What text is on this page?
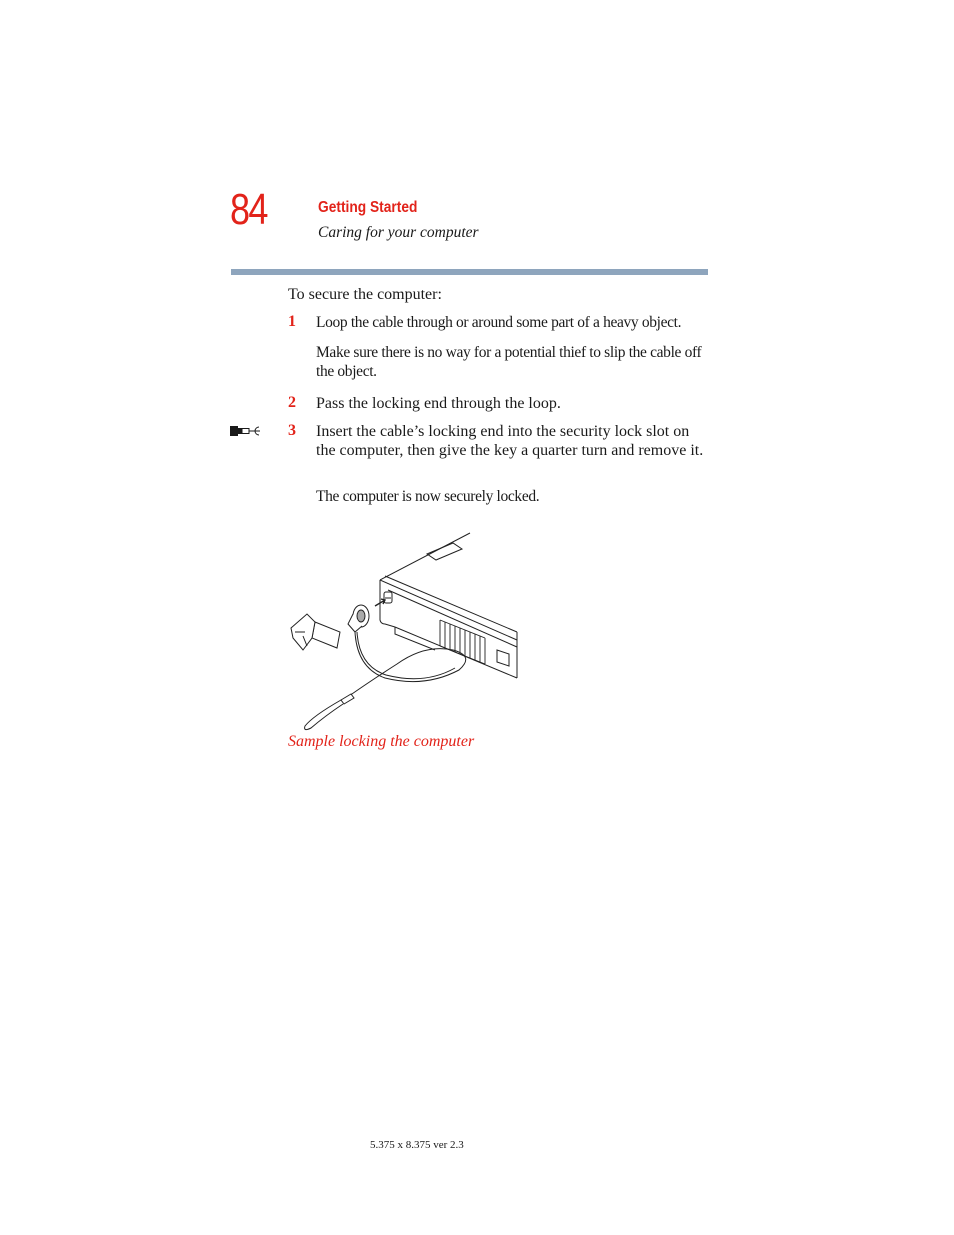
84	Getting Started
Caring for your computer
To secure the computer:
1 Loop the cable through or around some part of a heavy object.
Make sure there is no way for a potential thief to slip the cable off the object.
2 Pass the locking end through the loop.
3 Insert the cable’s locking end into the security lock slot on the computer, then give the key a quarter turn and remove it.
The computer is now securely locked.
Sample locking the computer
5.375 x 8.375 ver 2.3
